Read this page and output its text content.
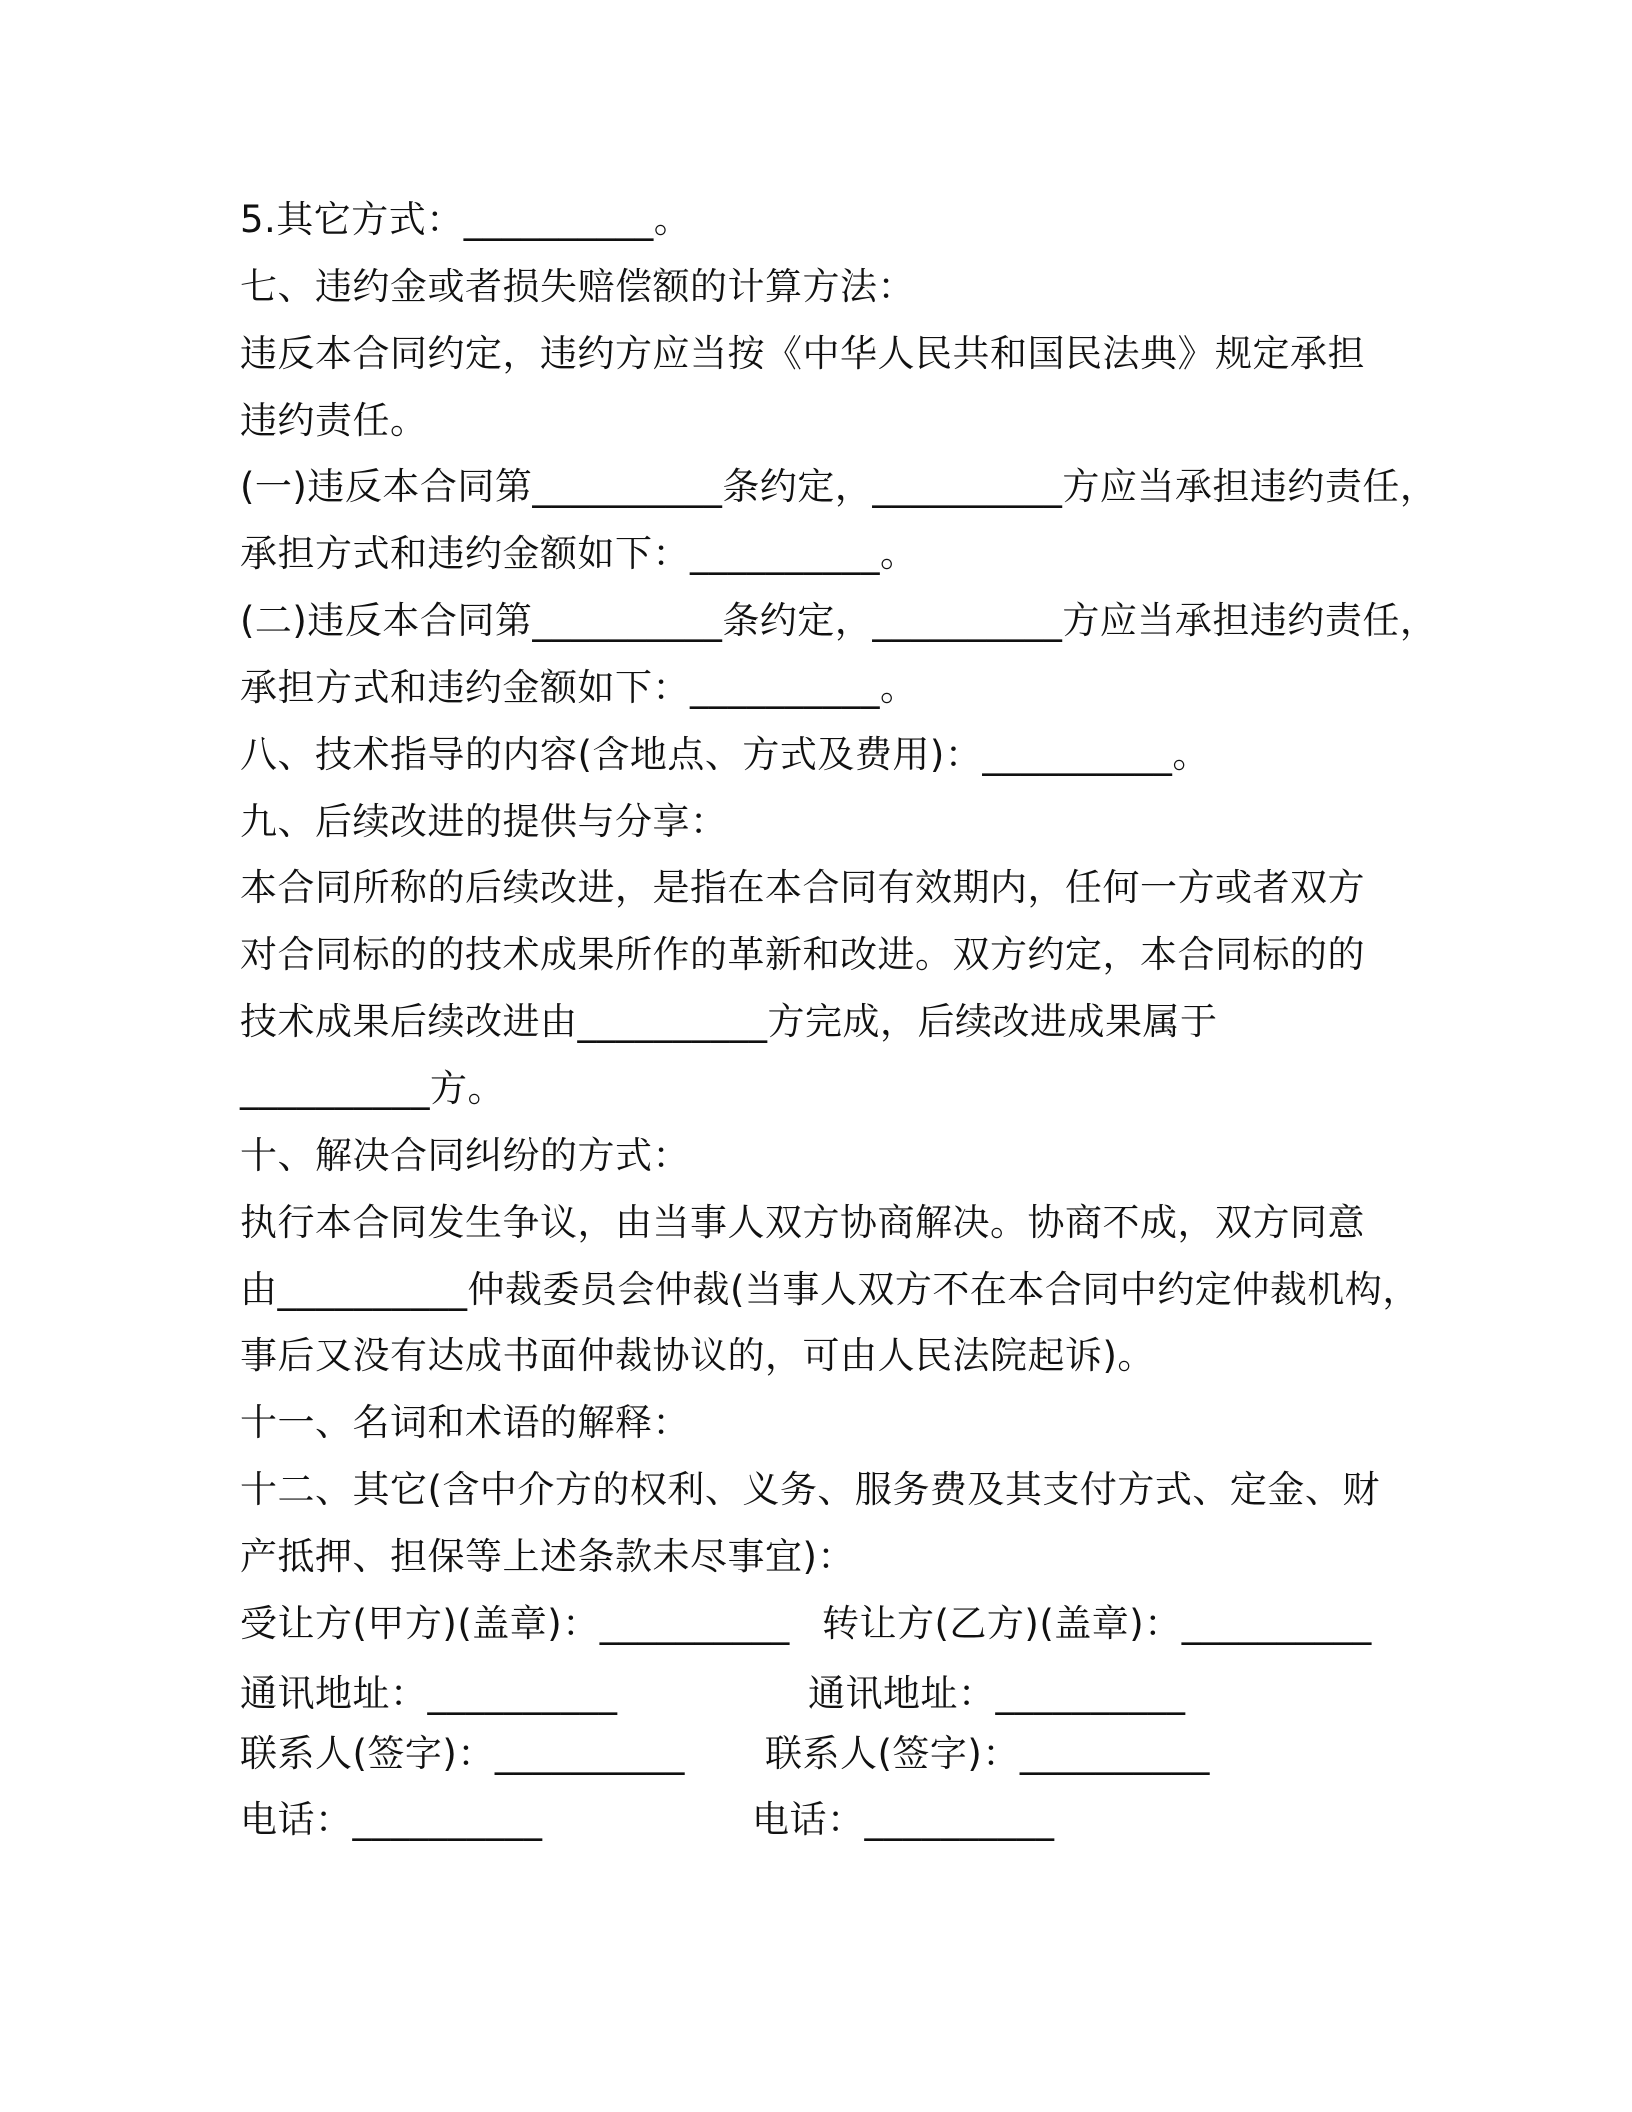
5.其它方式：__________。
七、违约金或者损失赔偿额的计算方法：
违反本合同约定，违约方应当按《中华人民共和国民法典》规定承担
违约责任。
(一)违反本合同第__________条约定，__________方应当承担违约责任，
承担方式和违约金额如下：__________。
(二)违反本合同第__________条约定，__________方应当承担违约责任，
承担方式和违约金额如下：__________。
八、技术指导的内容(含地点、方式及费用)：__________。
九、后续改进的提供与分享：
本合同所称的后续改进，是指在本合同有效期内，任何一方或者双方
对合同标的的技术成果所作的革新和改进。双方约定，本合同标的的
技术成果后续改进由__________方完成，后续改进成果属于
__________方。
十、解决合同纠纷的方式：
执行本合同发生争议，由当事人双方协商解决。协商不成，双方同意
由__________仲裁委员会仲裁(当事人双方不在本合同中约定仲裁机构，
事后又没有达成书面仲裁协议的，可由人民法院起诉)。
十一、名词和术语的解释：
十二、其它(含中介方的权利、义务、服务费及其支付方式、定金、财
产抵押、担保等上述条款未尽事宜)：
受让方(甲方)(盖章)：__________ 转让方(乙方)(盖章)：__________
通讯地址：__________	通讯地址：__________
联系人(签字)：__________ 联系人(签字)：__________
电话：__________	电话：__________
